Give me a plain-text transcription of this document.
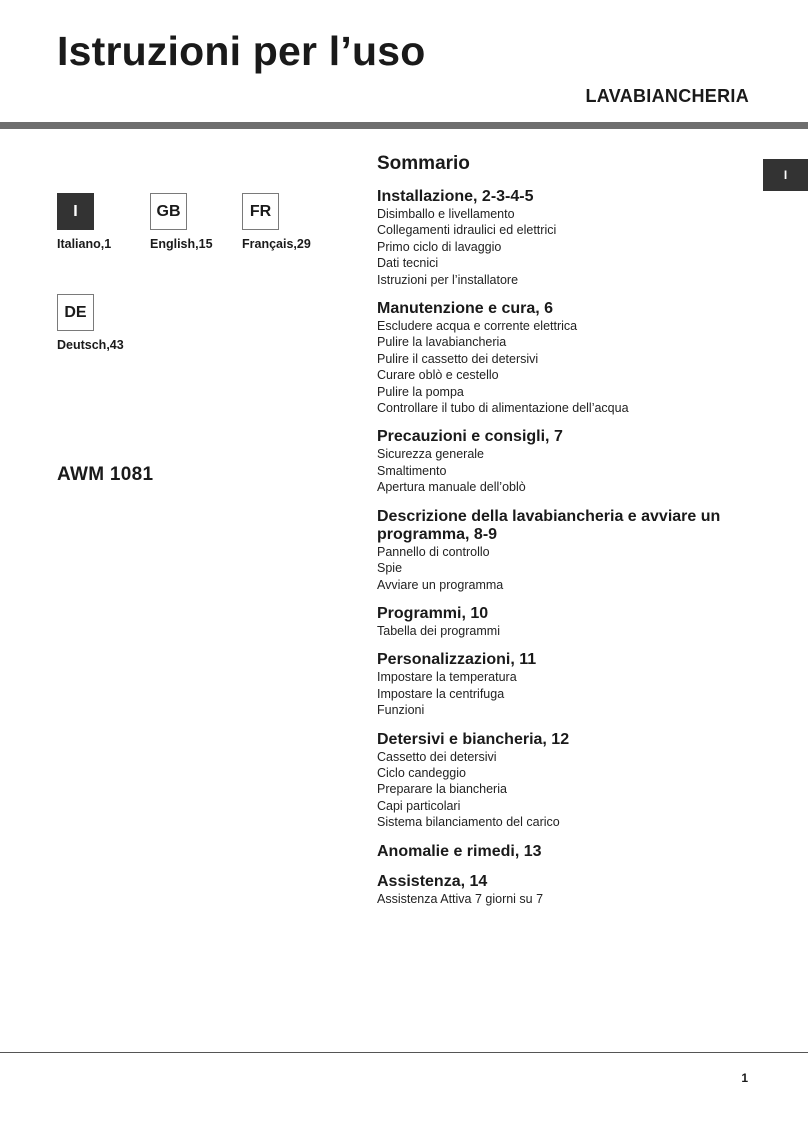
Istruzioni per l’uso
LAVABIANCHERIA
I
Italiano,1
GB
English,15
FR
Français,29
DE
Deutsch,43
AWM 1081
I
Sommario
Installazione, 2-3-4-5
Disimballo e livellamento
Collegamenti idraulici ed elettrici
Primo ciclo di lavaggio
Dati tecnici
Istruzioni per l’installatore
Manutenzione e cura, 6
Escludere acqua e corrente elettrica
Pulire la lavabiancheria
Pulire il cassetto dei detersivi
Curare oblò e cestello
Pulire la pompa
Controllare il tubo di alimentazione dell’acqua
Precauzioni e consigli, 7
Sicurezza generale
Smaltimento
Apertura manuale dell’oblò
Descrizione della lavabiancheria e avviare un programma, 8-9
Pannello di controllo
Spie
Avviare un programma
Programmi, 10
Tabella dei programmi
Personalizzazioni, 11
Impostare la temperatura
Impostare la centrifuga
Funzioni
Detersivi e biancheria, 12
Cassetto dei detersivi
Ciclo candeggio
Preparare la biancheria
Capi particolari
Sistema bilanciamento del carico
Anomalie e rimedi, 13
Assistenza, 14
Assistenza Attiva 7 giorni su 7
1
